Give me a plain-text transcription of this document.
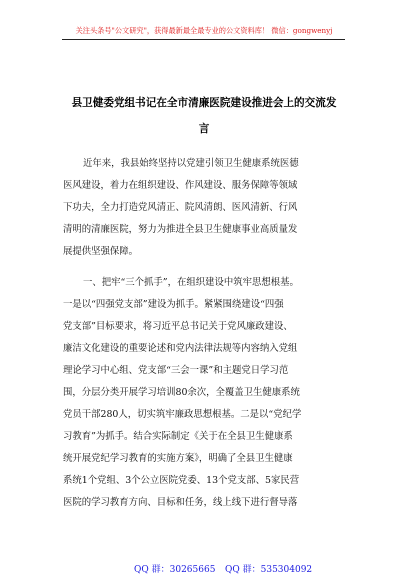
关注头条号"公文研究"，获得最新最全最专业的公文资料库！ 微信：gongwenyj
县卫健委党组书记在全市清廉医院建设推进会上的交流发
言
近年来，我县始终坚持以党建引领卫生健康系统医德
医风建设，着力在组织建设、作风建设、服务保障等领域
下功夫，全力打造党风清正、院风清朗、医风清新、行风
清明的清廉医院，努力为推进全县卫生健康事业高质量发
展提供坚强保障。
一、把牢“三个抓手”，在组织建设中筑牢思想根基。
一是以“四强党支部”建设为抓手。紧紧围绕建设“四强
党支部”目标要求，将习近平总书记关于党风廉政建设、
廉洁文化建设的重要论述和党内法律法规等内容纳入党组
理论学习中心组、党支部“三会一课”和主题党日学习范
围，分层分类开展学习培训80余次，全覆盖卫生健康系统
党员干部280人，切实筑牢廉政思想根基。二是以“党纪学
习教育”为抓手。结合实际制定《关于在全县卫生健康系
统开展党纪学习教育的实施方案》，明确了全县卫生健康
系统1个党组、3个公立医院党委、13个党支部、5家民营
医院的学习教育方向、目标和任务，线上线下进行督导落
QQ 群：30265665 QQ 群：535304092
